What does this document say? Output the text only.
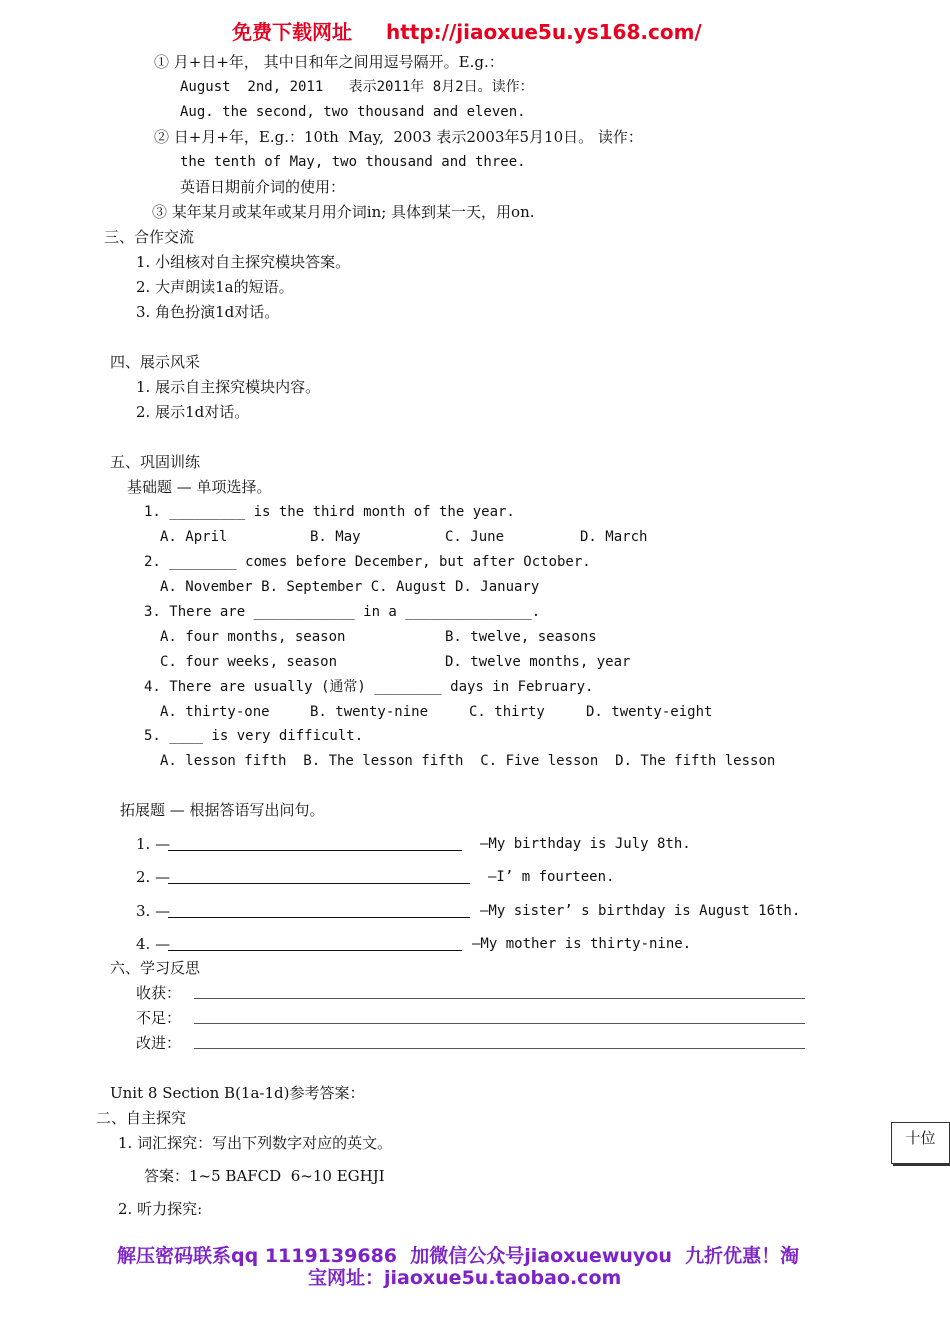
免费下载网址 http://jiaoxue5u.ys168.com/
① 月+日+年， 其中日和年之间用逗号隔开。E.g.：
August  2nd, 2011   表示2011年 8月2日。读作：
Aug. the second, two thousand and eleven.
② 日+月+年，E.g.：10th  May,  2003 表示2003年5月10日。 读作：
the tenth of May, two thousand and three.
英语日期前介词的使用：
③ 某年某月或某年或某月用介词in; 具体到某一天，用on.
三、合作交流
1. 小组核对自主探究模块答案。
2. 大声朗读1a的短语。
3. 角色扮演1d对话。
四、展示风采
1. 展示自主探究模块内容。
2. 展示1d对话。
五、巩固训练
基础题 — 单项选择。
1. _________ is the third month of the year.
A. April	B. May	C. June	D. March
2. ________ comes before December, but after October.
A. November B. September C. August D. January
3. There are ____________ in a _______________.
A. four months, season	B. twelve, seasons
C. four weeks, season	D. twelve months, year
4. There are usually (通常) ________ days in February.
A. thirty-one	B. twenty-nine	C. thirty	D. twenty-eight
5. ____ is very difficult.
A. lesson fifth  B. The lesson fifth  C. Five lesson  D. The fifth lesson
拓展题 — 根据答语写出问句。
1. —	—My birthday is July 8th.
2. —	—I’ m fourteen.
3. —	—My sister’ s birthday is August 16th.
4. —	—My mother is thirty-nine.
六、学习反思
收获：
不足：
改进：
Unit 8 Section B(1a-1d)参考答案：
二、自主探究
1. 词汇探究：写出下列数字对应的英文。
答案：1~5 BAFCD  6~10 EGHJI
2. 听力探究:
十位
解压密码联系qq 1119139686  加微信公众号jiaoxuewuyou  九折优惠！淘
宝网址：jiaoxue5u.taobao.com
